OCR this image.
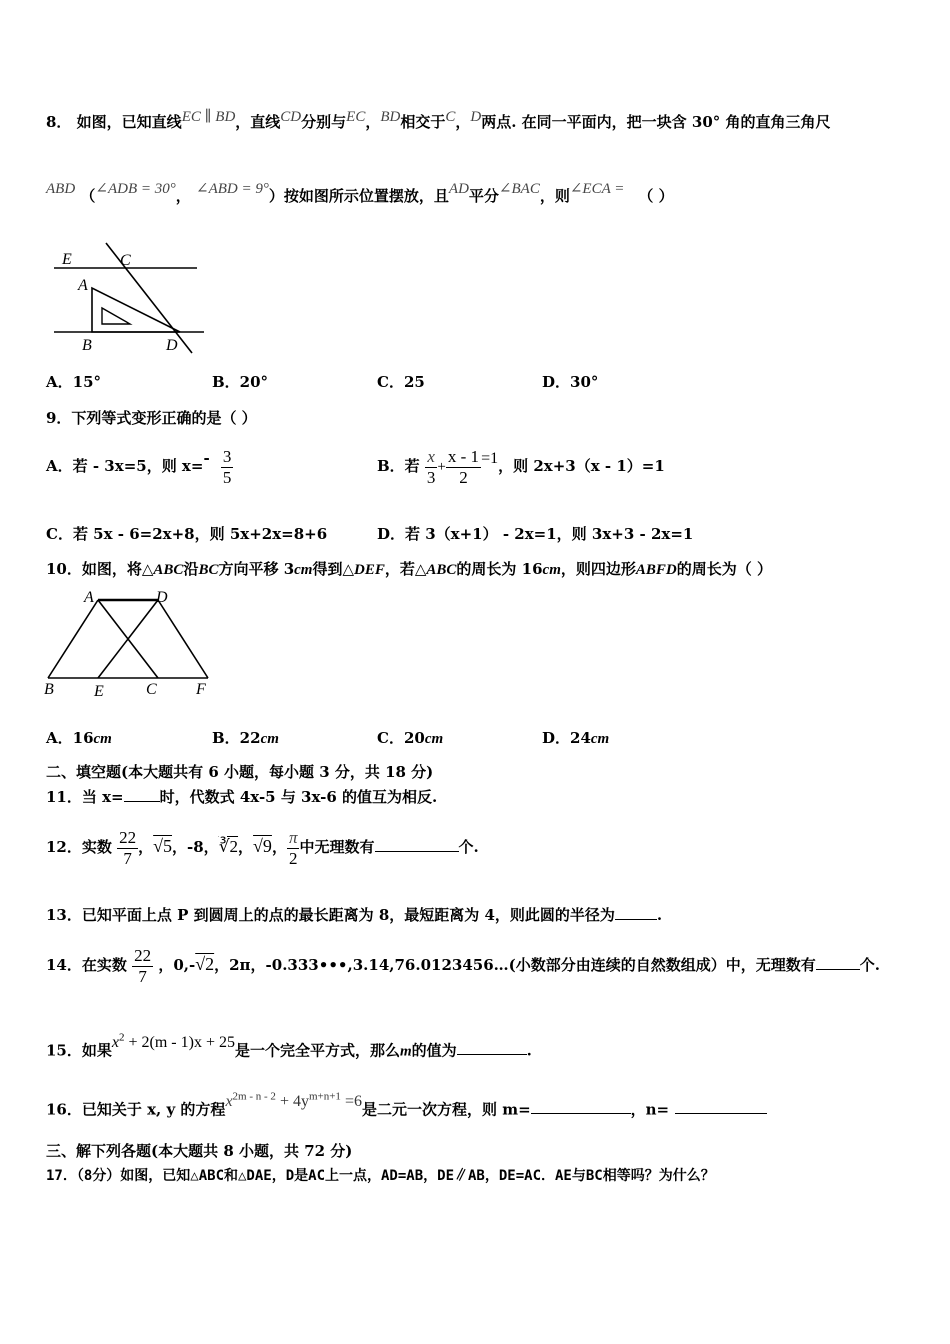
8． 如图，已知直线EC ∥ BD，直线CD分别与EC，BD相交于C，D两点. 在同一平面内，把一块含 30° 角的直角三角尺
ABD （∠ADB = 30°， ∠ABD = 9°）按如图所示位置摆放，且AD平分∠BAC，则∠ECA = （ ）
E	C
A
B	D
A．15°	B．20°	C．25	D．30°
9．下列等式变形正确的是（ ）
A．若 - 3x=5，则 $x=- \frac{3}{5}$	B．若 $\frac{x}{3} + \frac{x - 1}{2} =1$，则 2x+3（x - 1）=1
C．若 5x - 6=2x+8，则 5x+2x=8+6	D．若 3（x+1） - 2x=1，则 3x+3 - 2x=1
10．如图，将△ABC沿BC方向平移 3cm得到△DEF，若△ABC的周长为 16cm，则四边形ABFD的周长为（ ）
A	D
B	E	C F
A．16cm	B．22cm	C．20cm	D．24cm
二、填空题(本大题共有 6 小题，每小题 3 分，共 18 分)
11．当 x= 时，代数式 4x-5 与 3x-6 的值互为相反.
12．实数 $\frac{22}{7}$ ，√5，-8，∛2，√9， $\frac{\pi}{2}$ 中无理数有	个.
13．已知平面上点 P 到圆周上的点的最长距离为 8，最短距离为 4，则此圆的半径为	.
14．在实数 $\frac{22}{7}$ ，0,-√2，2π，-0.333•••,3.14,76.0123456…(小数部分由连续的自然数组成）中，无理数有	个.
15．如果$x^2 + 2(m - 1)x + 25$是一个完全平方式，那么m的值为	.
16．已知关于 x, y 的方程$x^{2m - n - 2} + 4y^{m+n+1} =6$是二元一次方程，则 m=	，n=
三、解下列各题(本大题共 8 小题，共 72 分)
17．（8分）如图，已知△ABC和△DAE，D是AC上一点，AD=AB，DE∥AB，DE=AC．AE与BC相等吗？为什么？
